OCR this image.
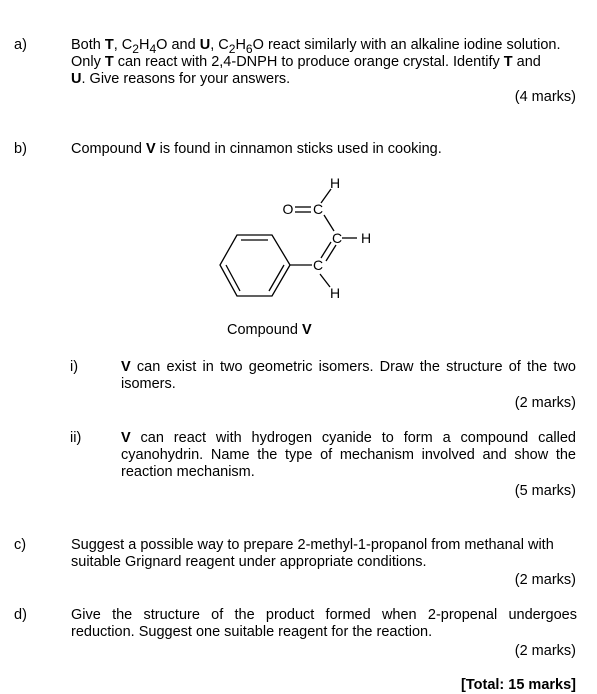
a)	Both T, $C_2H_4O$ and U, $C_2H_6O$ react similarly with an alkaline iodine solution.
Only T can react with 2,4-DNPH to produce orange crystal. Identify T and
U. Give reasons for your answers.
(4 marks)
b)	Compound V is found in cinnamon sticks used in cooking.
O C
H
C H
C
H
Compound V
i)	V can exist in two geometric isomers. Draw the structure of the two isomers.
(2 marks)
ii)	V can react with hydrogen cyanide to form a compound called cyanohydrin. Name the type of mechanism involved and show the reaction mechanism.
(5 marks)
c)	Suggest a possible way to prepare 2-methyl-1-propanol from methanal with suitable Grignard reagent under appropriate conditions.
(2 marks)
d)	Give the structure of the product formed when 2-propenal undergoes reduction. Suggest one suitable reagent for the reaction.
(2 marks)
[Total: 15 marks]
